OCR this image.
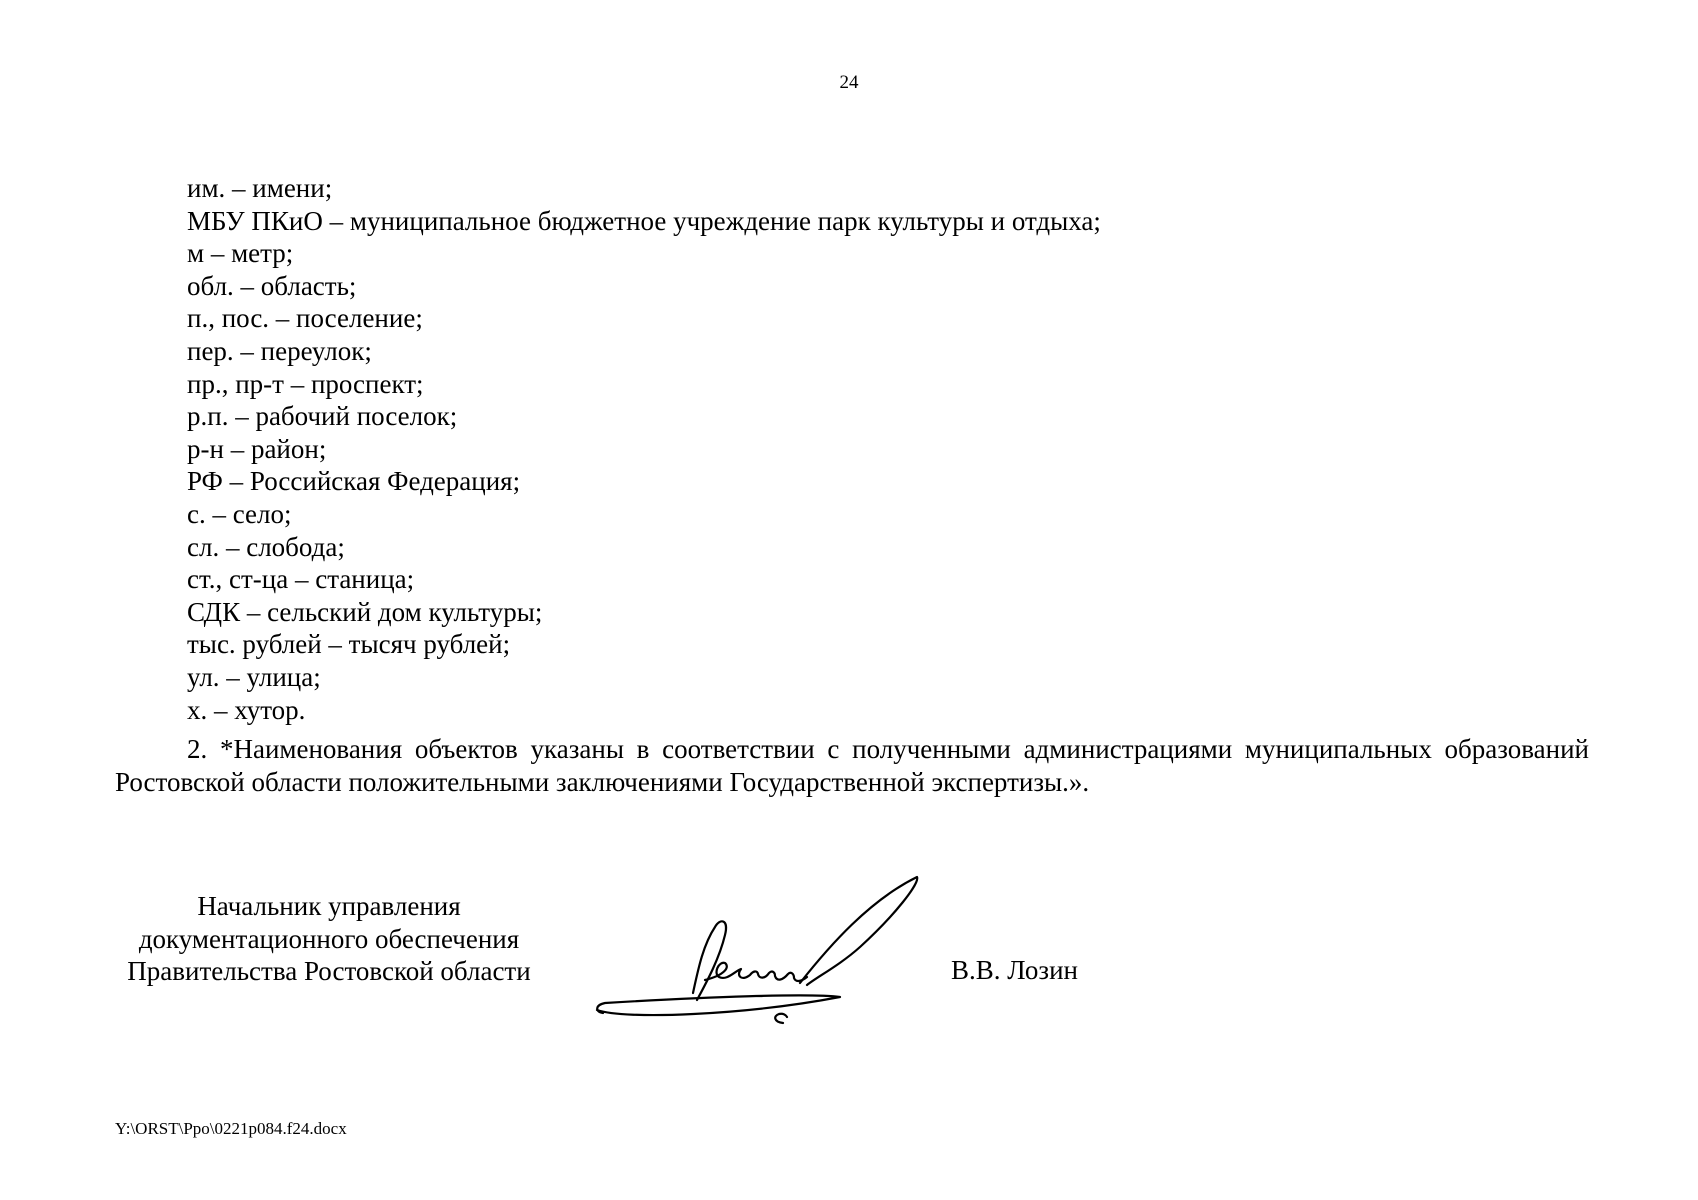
24
им. – имени;
МБУ ПКиО – муниципальное бюджетное учреждение парк культуры и отдыха;
м – метр;
обл. – область;
п., пос. – поселение;
пер. – переулок;
пр., пр-т – проспект;
р.п. – рабочий поселок;
р-н – район;
РФ – Российская Федерация;
с. – село;
сл. – слобода;
ст., ст-ца – станица;
СДК – сельский дом культуры;
тыс. рублей – тысяч рублей;
ул. – улица;
х. – хутор.

2. *Наименования объектов указаны в соответствии с полученными администрациями муниципальных образований Ростовской области положительными заключениями Государственной экспертизы.».

Начальник управления
документационного обеспечения
Правительства Ростовской области	В.В. Лозин
Y:\ORST\Ppo\0221p084.f24.docx
